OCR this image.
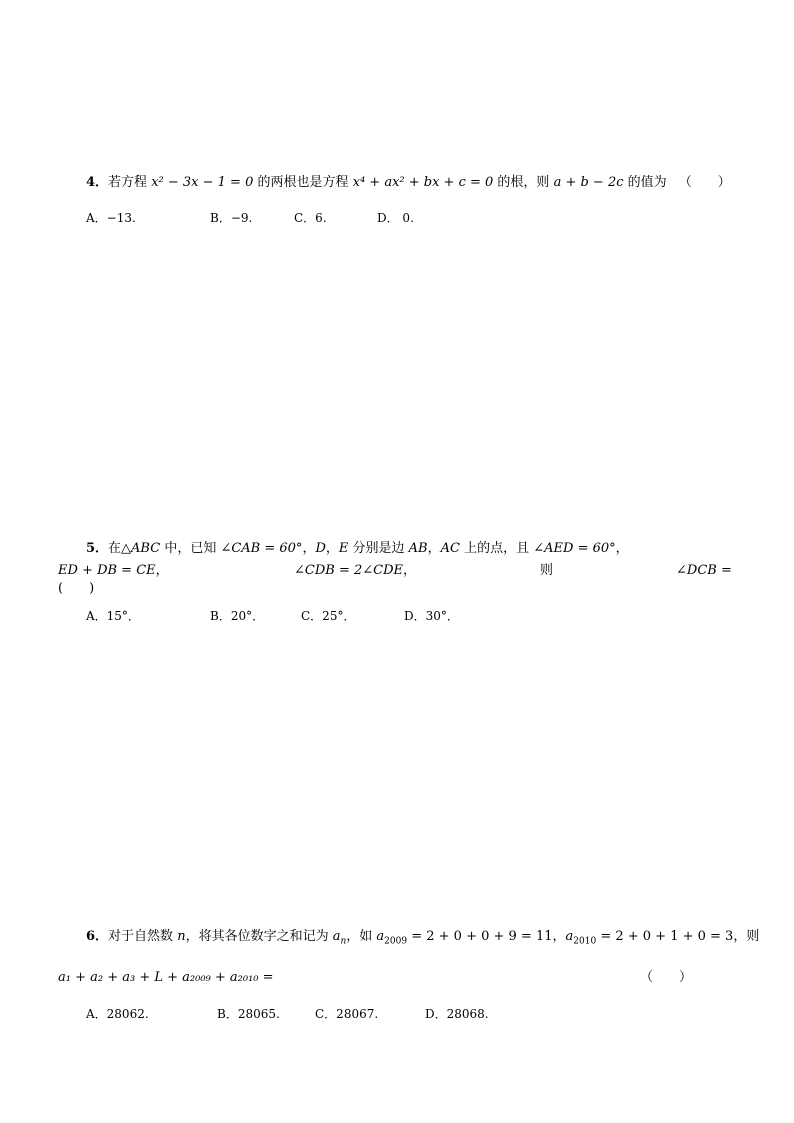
4．若方程 x² − 3x − 1 = 0 的两根也是方程 x⁴ + ax² + bx + c = 0 的根，则 a + b − 2c 的值为 （　　）
A．−13.	B．−9.	C．6.	D． 0.
5．在△ABC 中，已知 ∠CAB = 60°，D，E 分别是边 AB，AC 上的点，且 ∠AED = 60°，
ED + DB = CE，	∠CDB = 2∠CDE，	则	∠DCB =
(　　)
A．15°．	B．20°．	C．25°．	D．30°．
6．对于自然数 n，将其各位数字之和记为 $a_n$，如 $a_{2009} = 2 + 0 + 0 + 9 = 11$，$a_{2010} = 2 + 0 + 1 + 0 = 3$，则
a₁ + a₂ + a₃ + L + a₂₀₀₉ + a₂₀₁₀ =	（　　）
A．28062.	B．28065.	C．28067.	D．28068.
